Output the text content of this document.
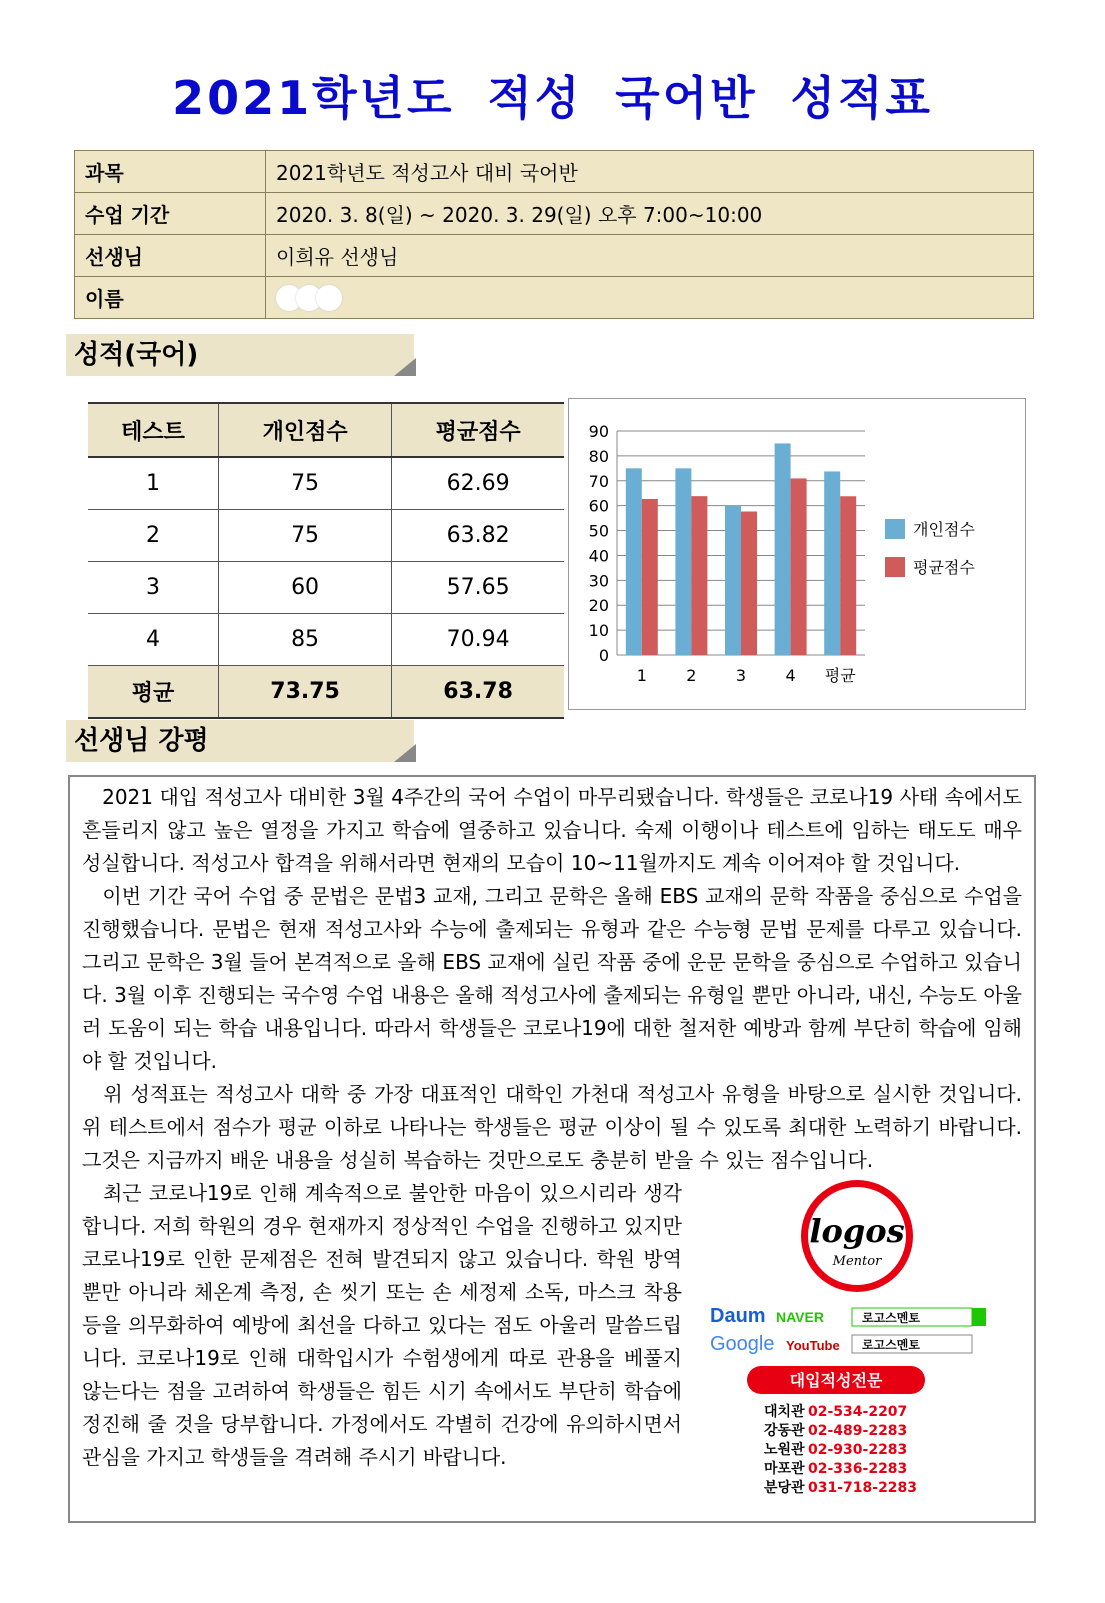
2021학년도 적성 국어반 성적표
과목	2021학년도 적성고사 대비 국어반
수업 기간	2020. 3. 8(일) ~ 2020. 3. 29(일) 오후 7:00~10:00
선생님	이희유 선생님
이름	
성적(국어)
테스트	개인점수	평균점수
1	75	62.69
2	75	63.82
3	60	57.65
4	85	70.94
평균	73.75	63.78
0
10
20
30
40
50
60
70
80
90
1 2 3 4 평균
개인점수
평균점수
선생님 강평

　2021 대입 적성고사 대비한 3월 4주간의 국어 수업이 마무리됐습니다. 학생들은 코로나19 사태 속에서도 흔들리지 않고 높은 열정을 가지고 학습에 열중하고 있습니다. 숙제 이행이나 테스트에 임하는 태도도 매우 성실합니다. 적성고사 합격을 위해서라면 현재의 모습이 10~11월까지도 계속 이어져야 할 것입니다.

　이번 기간 국어 수업 중 문법은 문법3 교재, 그리고 문학은 올해 EBS 교재의 문학 작품을 중심으로 수업을 진행했습니다. 문법은 현재 적성고사와 수능에 출제되는 유형과 같은 수능형 문법 문제를 다루고 있습니다. 그리고 문학은 3월 들어 본격적으로 올해 EBS 교재에 실린 작품 중에 운문 문학을 중심으로 수업하고 있습니다. 3월 이후 진행되는 국수영 수업 내용은 올해 적성고사에 출제되는 유형일 뿐만 아니라, 내신, 수능도 아울러 도움이 되는 학습 내용입니다. 따라서 학생들은 코로나19에 대한 철저한 예방과 함께 부단히 학습에 임해야 할 것입니다.

　위 성적표는 적성고사 대학 중 가장 대표적인 대학인 가천대 적성고사 유형을 바탕으로 실시한 것입니다. 위 테스트에서 점수가 평균 이하로 나타나는 학생들은 평균 이상이 될 수 있도록 최대한 노력하기 바랍니다. 그것은 지금까지 배운 내용을 성실히 복습하는 것만으로도 충분히 받을 수 있는 점수입니다.

　최근 코로나19로 인해 계속적으로 불안한 마음이 있으시리라 생각합니다. 저희 학원의 경우 현재까지 정상적인 수업을 진행하고 있지만 코로나19로 인한 문제점은 전혀 발견되지 않고 있습니다. 학원 방역뿐만 아니라 체온계 측정, 손 씻기 또는 손 세정제 소독, 마스크 착용 등을 의무화하여 예방에 최선을 다하고 있다는 점도 아울러 말씀드립니다. 코로나19로 인해 대학입시가 수험생에게 따로 관용을 베풀지 않는다는 점을 고려하여 학생들은 힘든 시기 속에서도 부단히 학습에 정진해 줄 것을 당부합니다. 가정에서도 각별히 건강에 유의하시면서 관심을 가지고 학생들을 격려해 주시기 바랍니다.

logos
Mentor
Daum NAVER	로고스멘토
Google YouTube 로고스멘토
대입적성전문
대치관 02-534-2207
강동관 02-489-2283
노원관 02-930-2283
마포관 02-336-2283
분당관 031-718-2283
